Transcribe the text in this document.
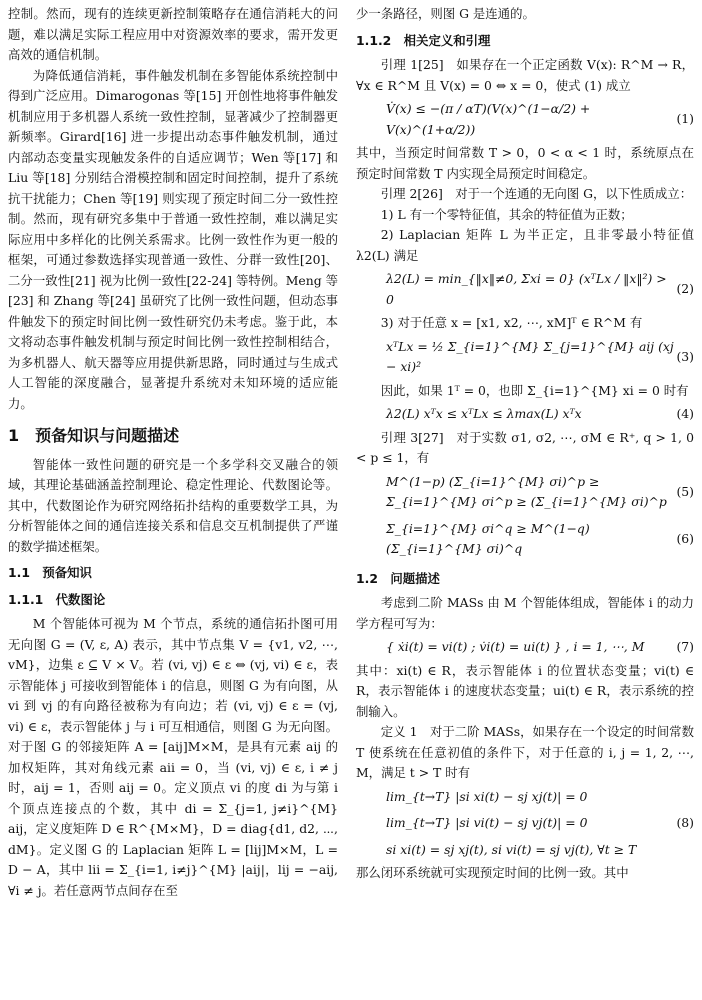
控制。然而，现有的连续更新控制策略存在通信消耗大的问题，难以满足实际工程应用中对资源效率的要求，需开发更高效的通信机制。

为降低通信消耗，事件触发机制在多智能体系统控制中得到广泛应用。Dimarogonas 等[15] 开创性地将事件触发机制应用于多机器人系统一致性控制，显著减少了控制器更新频率。Girard[16] 进一步提出动态事件触发机制，通过内部动态变量实现触发条件的自适应调节；Wen 等[17] 和 Liu 等[18] 分别结合滑模控制和固定时间控制，提升了系统抗干扰能力；Chen 等[19] 则实现了预定时间二分一致性控制。然而，现有研究多集中于普通一致性控制，难以满足实际应用中多样化的比例关系需求。比例一致性作为更一般的框架，可通过参数选择实现普通一致性、分群一致性[20]、二分一致性[21] 视为比例一致性[22-24] 等特例。Meng 等[23] 和 Zhang 等[24] 虽研究了比例一致性问题，但动态事件触发下的预定时间比例一致性研究仍未考虑。鉴于此，本文将动态事件触发机制与预定时间比例一致性控制相结合，为多机器人、航天器等应用提供新思路，同时通过与生成式人工智能的深度融合，显著提升系统对未知环境的适应能力。

1　预备知识与问题描述

智能体一致性问题的研究是一个多学科交叉融合的领域，其理论基础涵盖控制理论、稳定性理论、代数图论等。其中，代数图论作为研究网络拓扑结构的重要数学工具，为分析智能体之间的通信连接关系和信息交互机制提供了严谨的数学描述框架。

1.1　预备知识
1.1.1　代数图论

M 个智能体可视为 M 个节点，系统的通信拓扑图可用无向图 G = (V, ε, A) 表示，其中节点集 V = {v1, v2, ⋯, vM}，边集 ε ⊆ V × V。若 (vi, vj) ∈ ε ⇔ (vj, vi) ∈ ε，表示智能体 j 可接收到智能体 i 的信息，则图 G 为有向图，从 vi 到 vj 的有向路径被称为有向边；若 (vi, vj) ∈ ε = (vj, vi) ∈ ε，表示智能体 j 与 i 可互相通信，则图 G 为无向图。对于图 G 的邻接矩阵 A = [aij]M×M，是具有元素 aij 的加权矩阵，其对角线元素 aii = 0，当 (vi, vj) ∈ ε, i ≠ j 时，aij = 1，否则 aij = 0。定义顶点 vi 的度 di 为与第 i 个顶点连接点的个数，其中 di = Σ_{j=1, j≠i}^{M} aij，定义度矩阵 D ∈ R^{M×M}，D = diag{d1, d2, ⋯, dM}。定义图 G 的 Laplacian 矩阵 L = [lij]M×M，L = D − A，其中 lii = Σ_{i=1, i≠j}^{M} |aij|，lij = −aij, ∀i ≠ j。若任意两节点间存在至

少一条路径，则图 G 是连通的。

1.1.2　相关定义和引理

引理 1[25]　如果存在一个正定函数 V(x): R^M → R，∀x ∈ R^M 且 V(x) = 0 ⇔ x = 0，使式 (1) 成立

V̇(x) ≤ −(π / αT)(V(x)^(1−α/2) + V(x)^(1+α/2))
(1)

其中，当预定时间常数 T > 0，0 < α < 1 时，系统原点在预定时间常数 T 内实现全局预定时间稳定。

引理 2[26]　对于一个连通的无向图 G，以下性质成立：

1) L 有一个零特征值，其余的特征值为正数；

2) Laplacian 矩阵 L 为半正定，且非零最小特征值 λ2(L) 满足

λ2(L) = min_{‖x‖≠0, Σxi = 0} (xᵀLx / ‖x‖²) > 0
(2)

3) 对于任意 x = [x1, x2, ⋯, xM]ᵀ ∈ R^M 有

xᵀLx = ½ Σ_{i=1}^{M} Σ_{j=1}^{M} aij (xj − xi)²
(3)

因此，如果 1ᵀ = 0，也即 Σ_{i=1}^{M} xi = 0 时有

λ2(L) xᵀx ≤ xᵀLx ≤ λmax(L) xᵀx	(4)

引理 3[27]　对于实数 σ1, σ2, ⋯, σM ∈ R⁺, q > 1, 0 < p ≤ 1，有

M^(1−p) (Σ_{i=1}^{M} σi)^p ≥ Σ_{i=1}^{M} σi^p ≥ (Σ_{i=1}^{M} σi)^p
(5)
Σ_{i=1}^{M} σi^q ≥ M^(1−q) (Σ_{i=1}^{M} σi)^q
(6)
1.2　问题描述

考虑到二阶 MASs 由 M 个智能体组成，智能体 i 的动力学方程可写为：

{ ẋi(t) = vi(t) ; v̇i(t) = ui(t) } , i = 1, ⋯, M	(7)

其中：xi(t) ∈ R，表示智能体 i 的位置状态变量；vi(t) ∈ R，表示智能体 i 的速度状态变量；ui(t) ∈ R，表示系统的控制输入。

定义 1　对于二阶 MASs，如果存在一个设定的时间常数 T 使系统在任意初值的条件下，对于任意的 i, j = 1, 2, ⋯, M，满足 t > T 时有

lim_{t→T} |si xi(t) − sj xj(t)| = 0
lim_{t→T} |si vi(t) − sj vj(t)| = 0	(8)
si xi(t) = sj xj(t), si vi(t) = sj vj(t), ∀t ≥ T

那么闭环系统就可实现预定时间的比例一致。其中
